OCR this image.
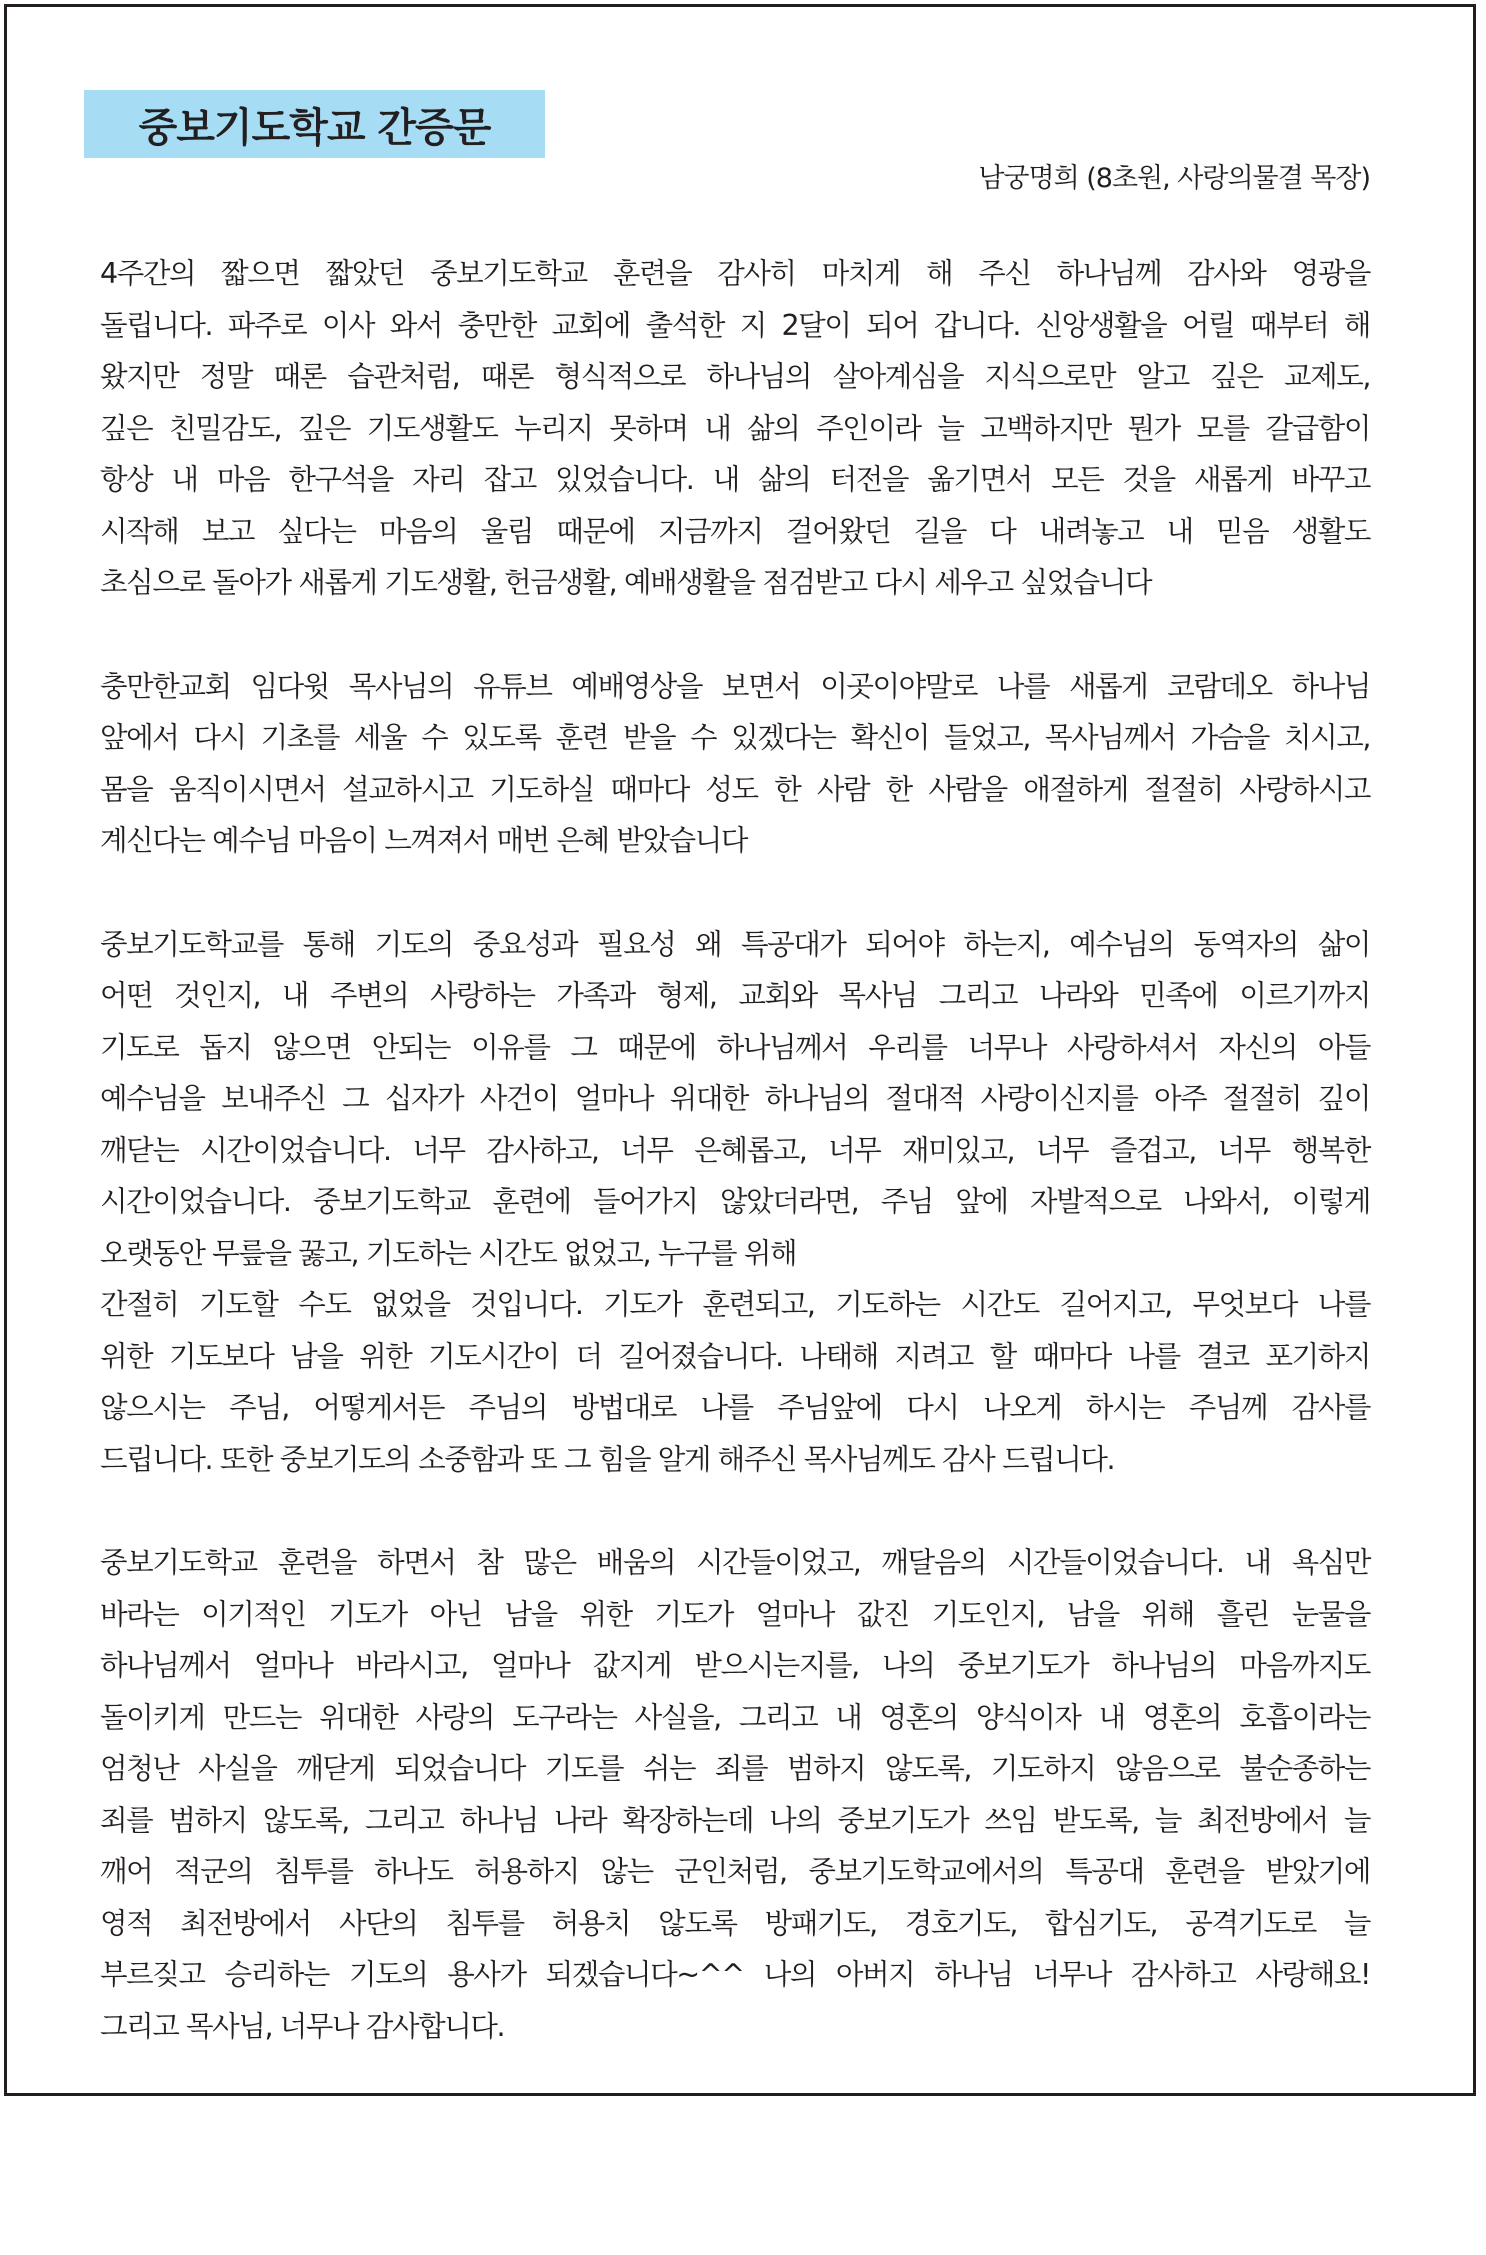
중보기도학교 간증문
남궁명희 (8초원, 사랑의물결 목장)
4주간의 짧으면 짧았던 중보기도학교 훈련을 감사히 마치게 해 주신 하나님께 감사와 영광을
돌립니다. 파주로 이사 와서 충만한 교회에 출석한 지 2달이 되어 갑니다. 신앙생활을 어릴 때부터 해
왔지만 정말 때론 습관처럼, 때론 형식적으로 하나님의 살아계심을 지식으로만 알고 깊은 교제도,
깊은 친밀감도, 깊은 기도생활도 누리지 못하며 내 삶의 주인이라 늘 고백하지만 뭔가 모를 갈급함이
항상 내 마음 한구석을 자리 잡고 있었습니다. 내 삶의 터전을 옮기면서 모든 것을 새롭게 바꾸고
시작해 보고 싶다는 마음의 울림 때문에 지금까지 걸어왔던 길을 다 내려놓고 내 믿음 생활도
초심으로 돌아가 새롭게 기도생활, 헌금생활, 예배생활을 점검받고 다시 세우고 싶었습니다
충만한교회 임다윗 목사님의 유튜브 예배영상을 보면서 이곳이야말로 나를 새롭게 코람데오 하나님
앞에서 다시 기초를 세울 수 있도록 훈련 받을 수 있겠다는 확신이 들었고, 목사님께서 가슴을 치시고,
몸을 움직이시면서 설교하시고 기도하실 때마다 성도 한 사람 한 사람을 애절하게 절절히 사랑하시고
계신다는 예수님 마음이 느껴져서 매번 은혜 받았습니다
중보기도학교를 통해 기도의 중요성과 필요성 왜 특공대가 되어야 하는지, 예수님의 동역자의 삶이
어떤 것인지, 내 주변의 사랑하는 가족과 형제, 교회와 목사님 그리고 나라와 민족에 이르기까지
기도로 돕지 않으면 안되는 이유를 그 때문에 하나님께서 우리를 너무나 사랑하셔서 자신의 아들
예수님을 보내주신 그 십자가 사건이 얼마나 위대한 하나님의 절대적 사랑이신지를 아주 절절히 깊이
깨닫는 시간이었습니다. 너무 감사하고, 너무 은혜롭고, 너무 재미있고, 너무 즐겁고, 너무 행복한
시간이었습니다. 중보기도학교 훈련에 들어가지 않았더라면, 주님 앞에 자발적으로 나와서, 이렇게
오랫동안 무릎을 꿇고, 기도하는 시간도 없었고, 누구를 위해
간절히 기도할 수도 없었을 것입니다. 기도가 훈련되고, 기도하는 시간도 길어지고, 무엇보다 나를
위한 기도보다 남을 위한 기도시간이 더 길어졌습니다. 나태해 지려고 할 때마다 나를 결코 포기하지
않으시는 주님, 어떻게서든 주님의 방법대로 나를 주님앞에 다시 나오게 하시는 주님께 감사를
드립니다. 또한 중보기도의 소중함과 또 그 힘을 알게 해주신 목사님께도 감사 드립니다.
중보기도학교 훈련을 하면서 참 많은 배움의 시간들이었고, 깨달음의 시간들이었습니다. 내 욕심만
바라는 이기적인 기도가 아닌 남을 위한 기도가 얼마나 값진 기도인지, 남을 위해 흘린 눈물을
하나님께서 얼마나 바라시고, 얼마나 값지게 받으시는지를, 나의 중보기도가 하나님의 마음까지도
돌이키게 만드는 위대한 사랑의 도구라는 사실을, 그리고 내 영혼의 양식이자 내 영혼의 호흡이라는
엄청난 사실을 깨닫게 되었습니다 기도를 쉬는 죄를 범하지 않도록, 기도하지 않음으로 불순종하는
죄를 범하지 않도록, 그리고 하나님 나라 확장하는데 나의 중보기도가 쓰임 받도록, 늘 최전방에서 늘
깨어 적군의 침투를 하나도 허용하지 않는 군인처럼, 중보기도학교에서의 특공대 훈련을 받았기에
영적 최전방에서 사단의 침투를 허용치 않도록 방패기도, 경호기도, 합심기도, 공격기도로 늘
부르짖고 승리하는 기도의 용사가 되겠습니다~^^ 나의 아버지 하나님 너무나 감사하고 사랑해요!
그리고 목사님, 너무나 감사합니다.
